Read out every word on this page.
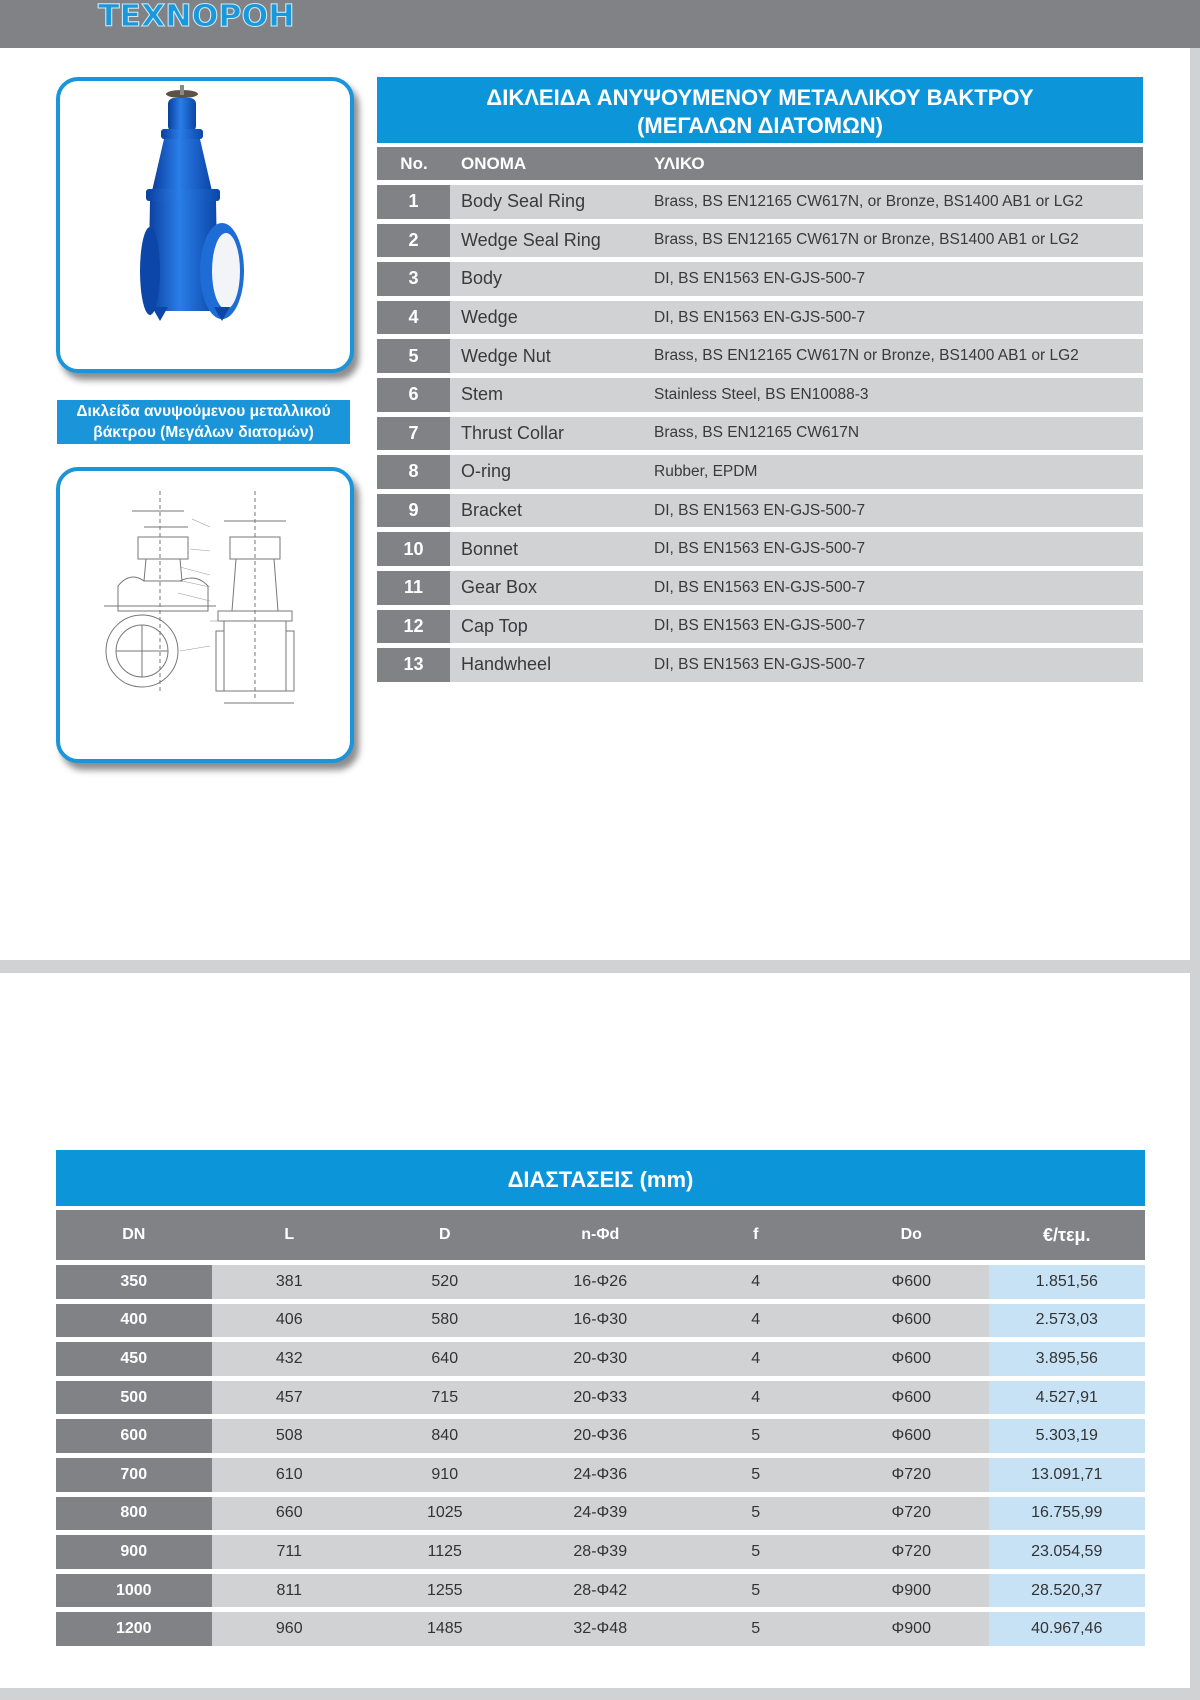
ΤΕΧΝΟΡΟΗ
Δικλείδα ανυψούμενου μεταλλικού βάκτρου (Μεγάλων διατομών)
ΔΙΚΛΕΙΔΑ ΑΝΥΨΟΥΜΕΝΟΥ ΜΕΤΑΛΛΙΚΟΥ ΒΑΚΤΡΟΥ
(ΜΕΓΑΛΩΝ ΔΙΑΤΟΜΩΝ)
No.	ΟΝΟΜΑ	ΥΛΙΚΟ
1	Body Seal Ring	Brass, BS EN12165 CW617N, or Bronze, BS1400 AB1 or LG2
2	Wedge Seal Ring	Brass, BS EN12165 CW617N or Bronze, BS1400 AB1 or LG2
3	Body	DI, BS EN1563 EN-GJS-500-7
4	Wedge	DI, BS EN1563 EN-GJS-500-7
5	Wedge Nut	Brass, BS EN12165 CW617N or Bronze, BS1400 AB1 or LG2
6	Stem	Stainless Steel, BS EN10088-3
7	Thrust Collar	Brass, BS EN12165 CW617N
8	O-ring	Rubber, EPDM
9	Bracket	DI, BS EN1563 EN-GJS-500-7
10	Bonnet	DI, BS EN1563 EN-GJS-500-7
11	Gear Box	DI, BS EN1563 EN-GJS-500-7
12	Cap Top	DI, BS EN1563 EN-GJS-500-7
13	Handwheel	DI, BS EN1563 EN-GJS-500-7
ΔΙΑΣΤΑΣΕΙΣ (mm)
DN	L	D	n-Φd	f	Do	€/τεμ.
350	381	520	16-Φ26	4	Φ600	1.851,56
400	406	580	16-Φ30	4	Φ600	2.573,03
450	432	640	20-Φ30	4	Φ600	3.895,56
500	457	715	20-Φ33	4	Φ600	4.527,91
600	508	840	20-Φ36	5	Φ600	5.303,19
700	610	910	24-Φ36	5	Φ720	13.091,71
800	660	1025	24-Φ39	5	Φ720	16.755,99
900	711	1125	28-Φ39	5	Φ720	23.054,59
1000	811	1255	28-Φ42	5	Φ900	28.520,37
1200	960	1485	32-Φ48	5	Φ900	40.967,46
